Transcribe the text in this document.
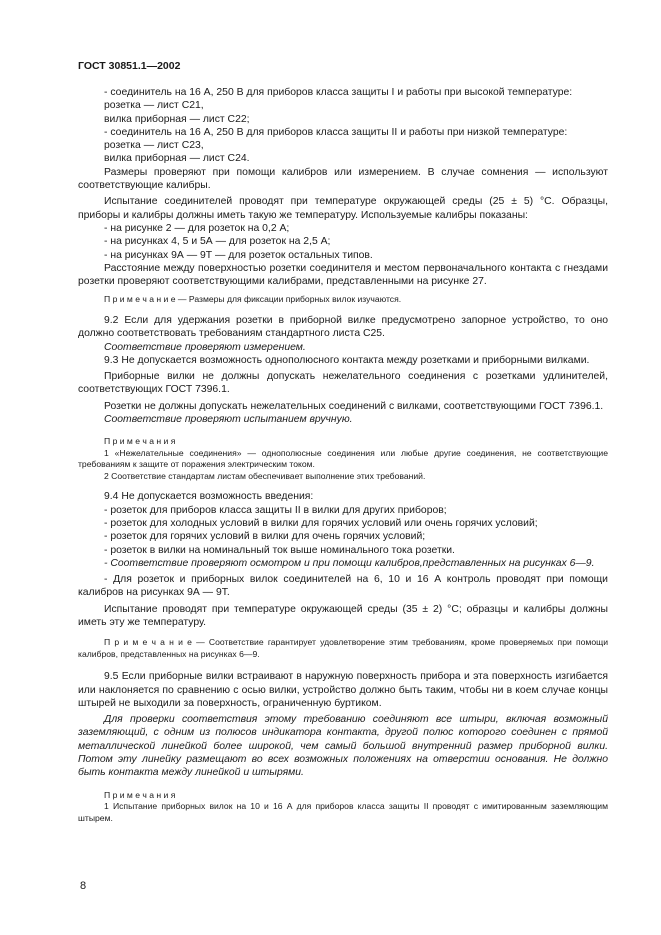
ГОСТ 30851.1—2002

- соединитель на 16 А, 250 В для приборов класса защиты I и работы при высокой температуре:

розетка — лист C21,

вилка приборная — лист C22;

- соединитель на 16 А, 250 В для приборов класса защиты II и работы при низкой температуре:

розетка — лист C23,

вилка приборная — лист C24.

Размеры проверяют при помощи калибров или измерением. В случае сомнения — используют соответствующие калибры.

Испытание соединителей проводят при температуре окружающей среды (25 ± 5) °С. Образцы, приборы и калибры должны иметь такую же температуру. Используемые калибры показаны:

- на рисунке 2 — для розеток на 0,2 А;

- на рисунках 4, 5 и 5А — для розеток на 2,5 А;

- на рисунках 9А — 9Т — для розеток остальных типов.

Расстояние между поверхностью розетки соединителя и местом первоначального контакта с гнездами розетки проверяют соответствующими калибрами, представленными на рисунке 27.

П р и м е ч а н и е — Размеры для фиксации приборных вилок изучаются.

9.2 Если для удержания розетки в приборной вилке предусмотрено запорное устройство, то оно должно соответствовать требованиям стандартного листа C25.

Соответствие проверяют измерением.

9.3 Не допускается возможность однополюсного контакта между розетками и приборными вилками.

Приборные вилки не должны допускать нежелательного соединения с розетками удлинителей, соответствующих ГОСТ 7396.1.

Розетки не должны допускать нежелательных соединений с вилками, соответствующими ГОСТ 7396.1.

Соответствие проверяют испытанием вручную.

П р и м е ч а н и я

1 «Нежелательные соединения» — однополюсные соединения или любые другие соединения, не соответствующие требованиям к защите от поражения электрическим током.

2 Соответствие стандартам листам обеспечивает выполнение этих требований.

9.4 Не допускается возможность введения:

- розеток для приборов класса защиты II в вилки для других приборов;

- розеток для холодных условий в вилки для горячих условий или очень горячих условий;

- розеток для горячих условий в вилки для очень горячих условий;

- розеток в вилки на номинальный ток выше номинального тока розетки.

- Соответствие проверяют осмотром и при помощи калибров,представленных на рисунках 6—9.

- Для розеток и приборных вилок соединителей на 6, 10 и 16 А контроль проводят при помощи калибров на рисунках 9А — 9Т.

Испытание проводят при температуре окружающей среды (35 ± 2) °С; образцы и калибры должны иметь эту же температуру.

П р и м е ч а н и е — Соответствие гарантирует удовлетворение этим требованиям, кроме проверяемых при помощи калибров, представленных на рисунках 6—9.

9.5 Если приборные вилки встраивают в наружную поверхность прибора и эта поверхность изгибается или наклоняется по сравнению с осью вилки, устройство должно быть таким, чтобы ни в коем случае концы штырей не выходили за поверхность, ограниченную буртиком.

Для проверки соответствия этому требованию соединяют все штыри, включая возможный заземляющий, с одним из полюсов индикатора контакта, другой полюс которого соединен с прямой металлической линейкой более широкой, чем самый большой внутренний размер приборной вилки. Потом эту линейку размещают во всех возможных положениях на отверстии основания. Не должно быть контакта между линейкой и штырями.

П р и м е ч а н и я

1 Испытание приборных вилок на 10 и 16 А для приборов класса защиты II проводят с имитированным заземляющим штырем.

8
